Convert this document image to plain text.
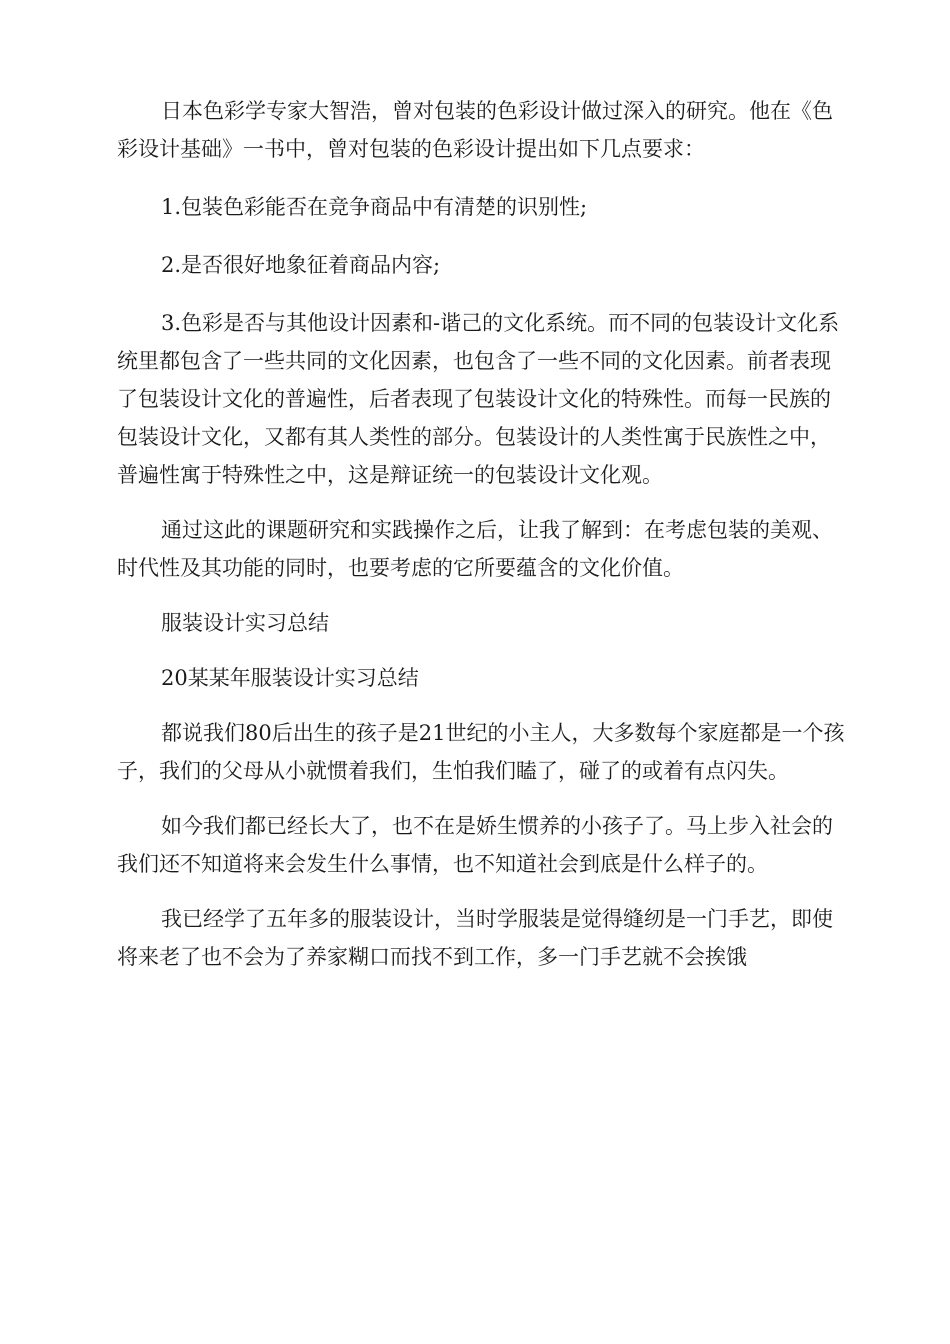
日本色彩学专家大智浩，曾对包装的色彩设计做过深入的研究。他在《色彩设计基础》一书中，曾对包装的色彩设计提出如下几点要求：

1.包装色彩能否在竞争商品中有清楚的识别性;

2.是否很好地象征着商品内容;

3.色彩是否与其他设计因素和-谐己的文化系统。而不同的包装设计文化系统里都包含了一些共同的文化因素，也包含了一些不同的文化因素。前者表现了包装设计文化的普遍性，后者表现了包装设计文化的特殊性。而每一民族的包装设计文化，又都有其人类性的部分。包装设计的人类性寓于民族性之中，普遍性寓于特殊性之中，这是辩证统一的包装设计文化观。

通过这此的课题研究和实践操作之后，让我了解到：在考虑包装的美观、时代性及其功能的同时，也要考虑的它所要蕴含的文化价值。

服装设计实习总结

20某某年服装设计实习总结

都说我们80后出生的孩子是21世纪的小主人，大多数每个家庭都是一个孩子，我们的父母从小就惯着我们，生怕我们瞌了，碰了的或着有点闪失。

如今我们都已经长大了，也不在是娇生惯养的小孩子了。马上步入社会的我们还不知道将来会发生什么事情，也不知道社会到底是什么样子的。

我已经学了五年多的服装设计，当时学服装是觉得缝纫是一门手艺，即使将来老了也不会为了养家糊口而找不到工作，多一门手艺就不会挨饿
